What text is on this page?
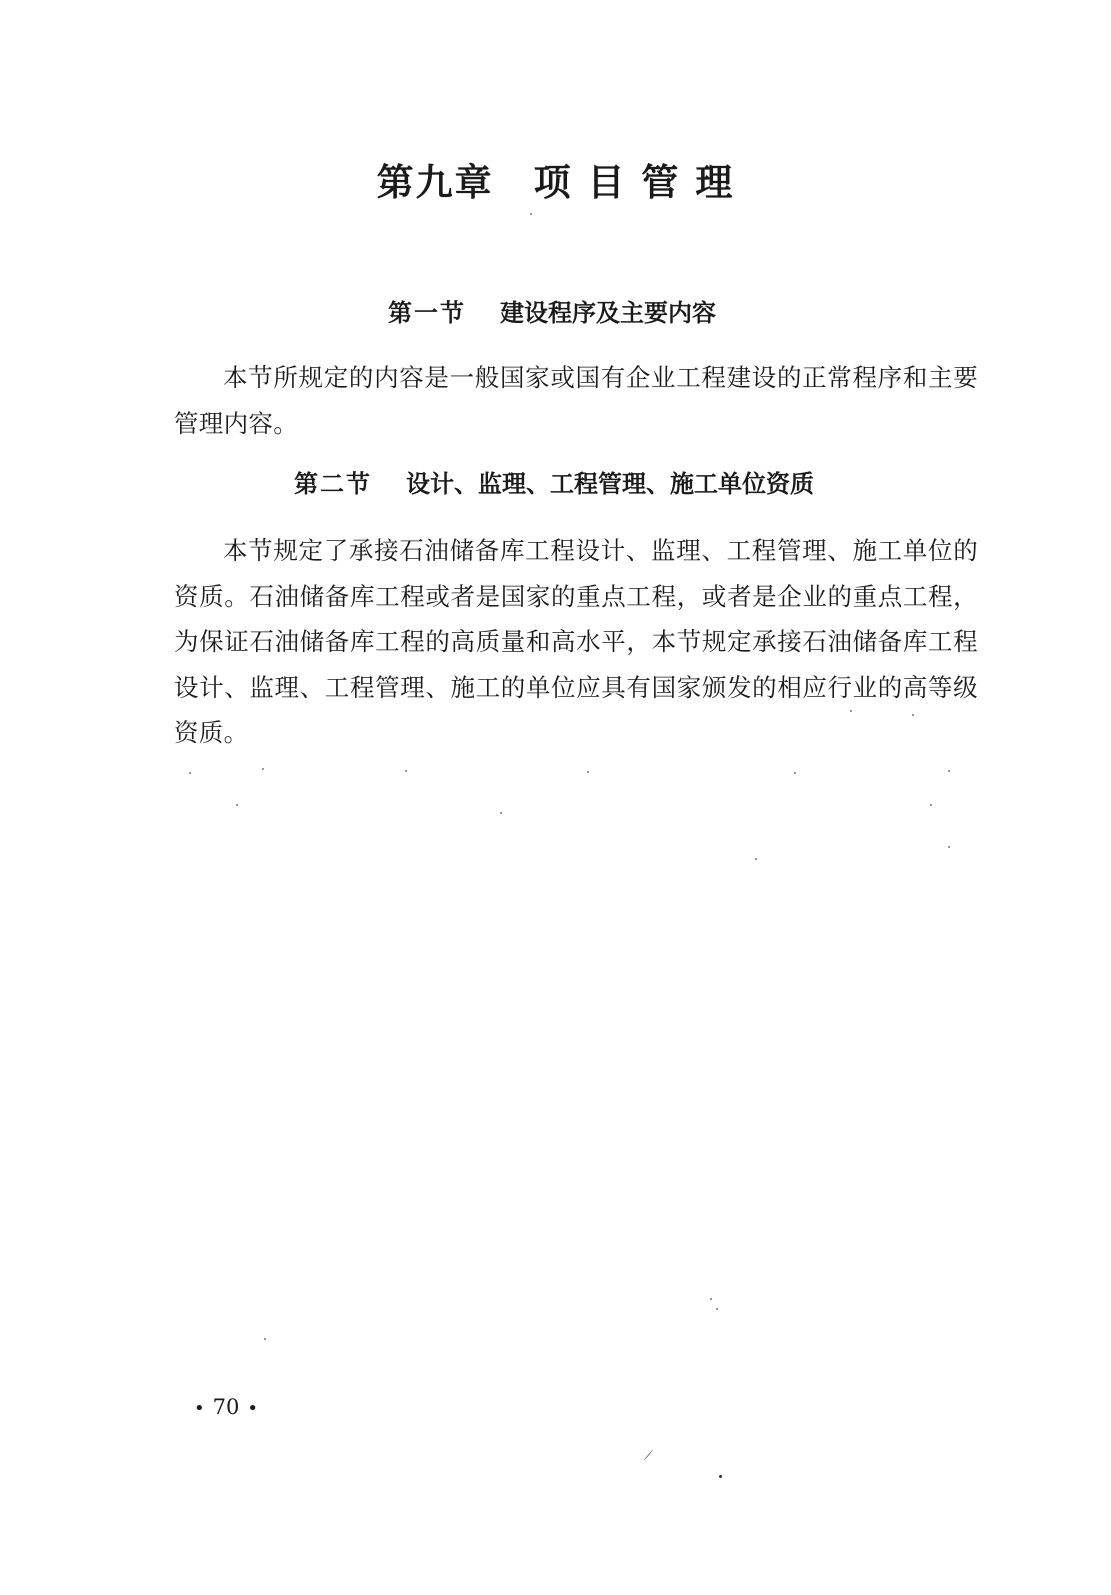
第九章 项 目 管 理
第一节 建设程序及主要内容

本节所规定的内容是一般国家或国有企业工程建设的正常程序和主要管理内容。

第二节 设计、监理、工程管理、施工单位资质

本节规定了承接石油储备库工程设计、监理、工程管理、施工单位的资质。石油储备库工程或者是国家的重点工程，或者是企业的重点工程，为保证石油储备库工程的高质量和高水平，本节规定承接石油储备库工程设计、监理、工程管理、施工的单位应具有国家颁发的相应行业的高等级资质。

• 70 •
